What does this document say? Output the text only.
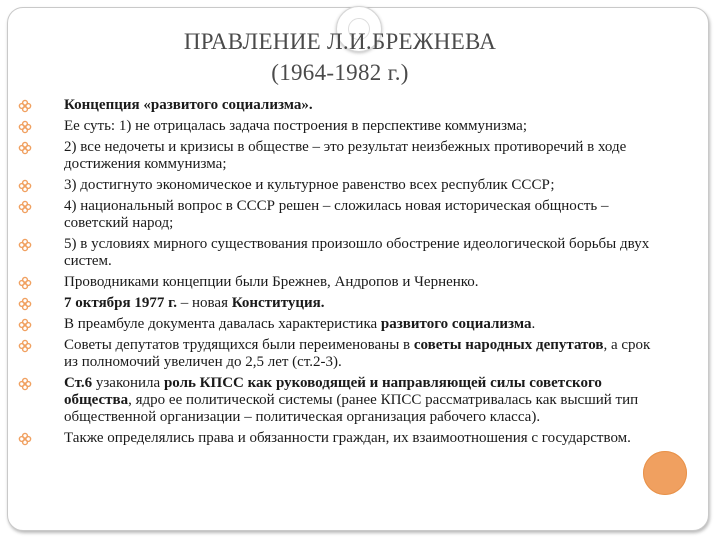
ПРАВЛЕНИЕ Л.И.БРЕЖНЕВА
(1964-1982 г.)
Концепция «развитого социализма».
Ее суть: 1) не отрицалась задача построения в перспективе коммунизма;
2) все недочеты и кризисы в обществе – это результат неизбежных противоречий в ходе достижения коммунизма;
3) достигнуто экономическое и культурное равенство всех республик СССР;
4) национальный вопрос в СССР решен – сложилась новая историческая общность – советский народ;
5) в условиях мирного существования произошло обострение идеологической борьбы двух систем.
Проводниками концепции были Брежнев, Андропов и Черненко.
7 октября 1977 г. – новая Конституция.
В преамбуле документа давалась характеристика развитого социализма.
Советы депутатов трудящихся были переименованы в советы народных депутатов, а срок из полномочий увеличен до 2,5 лет (ст.2-3).
Ст.6 узаконила роль КПСС как руководящей и направляющей силы советского общества, ядро ее политической системы (ранее КПСС рассматривалась как высший тип общественной организации – политическая организация рабочего класса).
Также определялись права и обязанности граждан, их взаимоотношения с государством.
